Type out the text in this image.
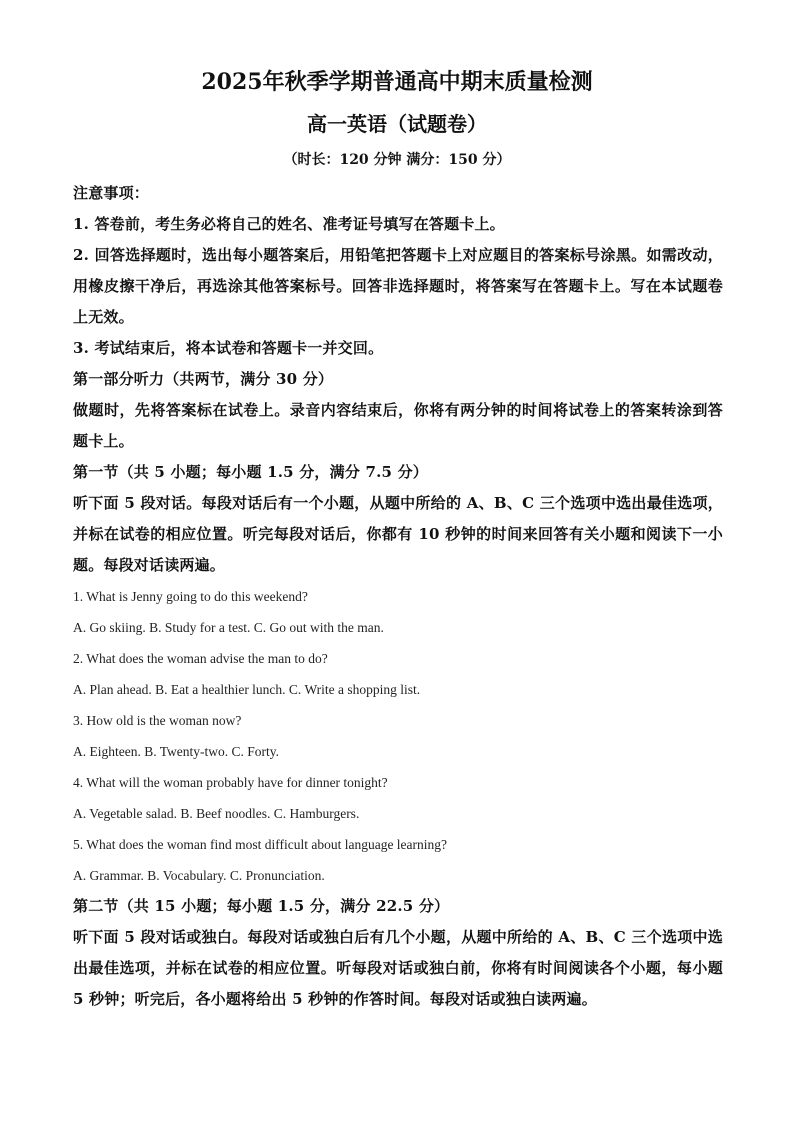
2025年秋季学期普通高中期末质量检测
高一英语（试题卷）
（时长：120 分钟 满分：150 分）

注意事项：

1. 答卷前，考生务必将自己的姓名、准考证号填写在答题卡上。

2. 回答选择题时，选出每小题答案后，用铅笔把答题卡上对应题目的答案标号涂黑。如需改动，用橡皮擦干净后，再选涂其他答案标号。回答非选择题时，将答案写在答题卡上。写在本试题卷上无效。

3. 考试结束后，将本试卷和答题卡一并交回。

第一部分听力（共两节，满分 30 分）

做题时，先将答案标在试卷上。录音内容结束后，你将有两分钟的时间将试卷上的答案转涂到答题卡上。

第一节（共 5 小题；每小题 1.5 分，满分 7.5 分）

听下面 5 段对话。每段对话后有一个小题，从题中所给的 A、B、C 三个选项中选出最佳选项，并标在试卷的相应位置。听完每段对话后，你都有 10 秒钟的时间来回答有关小题和阅读下一小题。每段对话读两遍。

1. What is Jenny going to do this weekend?

A. Go skiing. B. Study for a test. C. Go out with the man.

2. What does the woman advise the man to do?

A. Plan ahead. B. Eat a healthier lunch. C. Write a shopping list.

3. How old is the woman now?

A. Eighteen. B. Twenty-two. C. Forty.

4. What will the woman probably have for dinner tonight?

A. Vegetable salad. B. Beef noodles. C. Hamburgers.

5. What does the woman find most difficult about language learning?

A. Grammar. B. Vocabulary. C. Pronunciation.

第二节（共 15 小题；每小题 1.5 分，满分 22.5 分）

听下面 5 段对话或独白。每段对话或独白后有几个小题，从题中所给的 A、B、C 三个选项中选出最佳选项，并标在试卷的相应位置。听每段对话或独白前，你将有时间阅读各个小题，每小题 5 秒钟；听完后，各小题将给出 5 秒钟的作答时间。每段对话或独白读两遍。
